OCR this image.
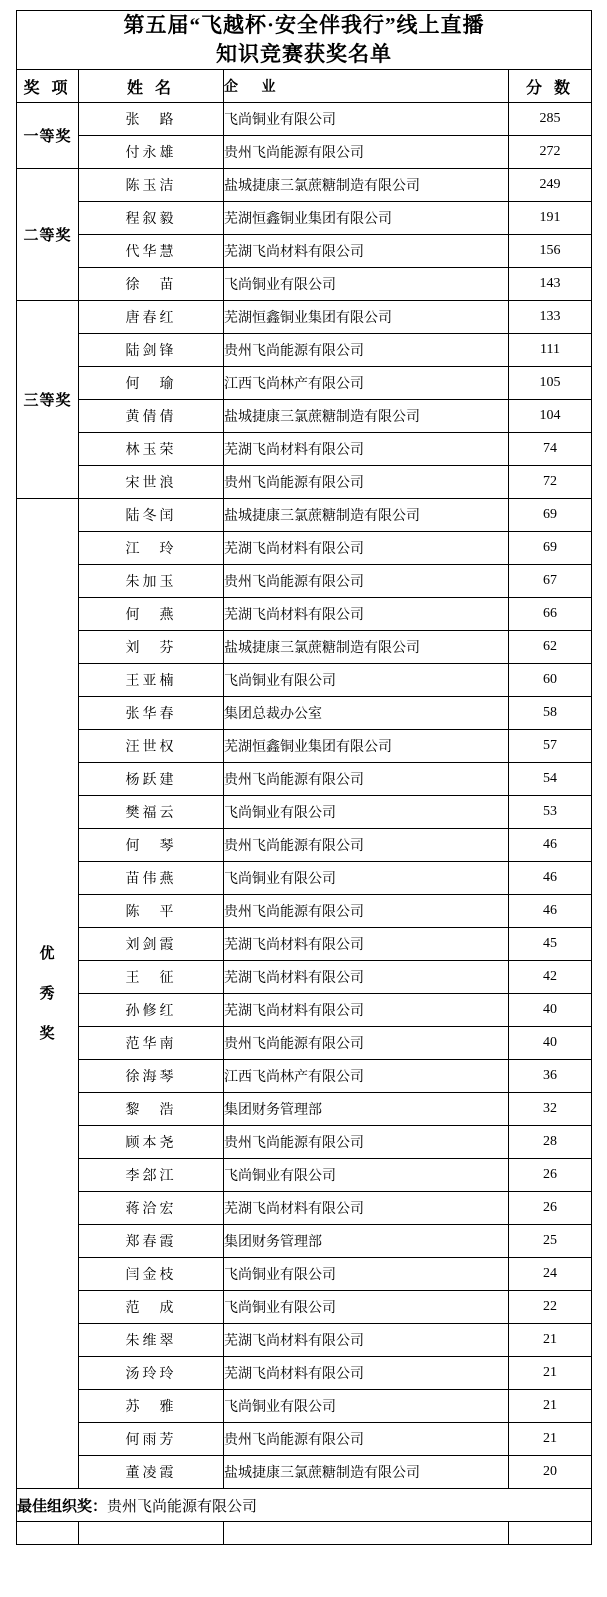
第五届“飞越杯·安全伴我行”线上直播
知识竞赛获奖名单			

奖 项	姓 名	企 业	分 数
一等奖	张　路	飞尚铜业有限公司	285
	付永雄	贵州飞尚能源有限公司	272
二等奖	陈玉洁	盐城捷康三氯蔗糖制造有限公司	249
	程叙毅	芜湖恒鑫铜业集团有限公司	191
	代华慧	芜湖飞尚材料有限公司	156
	徐　苗	飞尚铜业有限公司	143
三等奖	唐春红	芜湖恒鑫铜业集团有限公司	133
	陆剑锋	贵州飞尚能源有限公司	111
	何　瑜	江西飞尚林产有限公司	105
	黄倩倩	盐城捷康三氯蔗糖制造有限公司	104
	林玉荣	芜湖飞尚材料有限公司	74
	宋世浪	贵州飞尚能源有限公司	72

优
秀
奖	陆冬闰	盐城捷康三氯蔗糖制造有限公司	69
	江　玲	芜湖飞尚材料有限公司	69
	朱加玉	贵州飞尚能源有限公司	67
	何　燕	芜湖飞尚材料有限公司	66
	刘　芬	盐城捷康三氯蔗糖制造有限公司	62
	王亚楠	飞尚铜业有限公司	60
	张华春	集团总裁办公室	58
	汪世权	芜湖恒鑫铜业集团有限公司	57
	杨跃建	贵州飞尚能源有限公司	54
	樊福云	飞尚铜业有限公司	53
	何　琴	贵州飞尚能源有限公司	46
	苗伟燕	飞尚铜业有限公司	46
	陈　平	贵州飞尚能源有限公司	46
	刘剑霞	芜湖飞尚材料有限公司	45
	王　征	芜湖飞尚材料有限公司	42
	孙修红	芜湖飞尚材料有限公司	40
	范华南	贵州飞尚能源有限公司	40
	徐海琴	江西飞尚林产有限公司	36
	黎　浩	集团财务管理部	32
	顾本尧	贵州飞尚能源有限公司	28
	李郐江	飞尚铜业有限公司	26
	蒋洽宏	芜湖飞尚材料有限公司	26
	郑春霞	集团财务管理部	25
	闫金枝	飞尚铜业有限公司	24
	范　成	飞尚铜业有限公司	22
	朱维翠	芜湖飞尚材料有限公司	21
	汤玲玲	芜湖飞尚材料有限公司	21
	苏　雅	飞尚铜业有限公司	21
	何雨芳	贵州飞尚能源有限公司	21
	董凌霞	盐城捷康三氯蔗糖制造有限公司	20
最佳组织奖：贵州飞尚能源有限公司			
